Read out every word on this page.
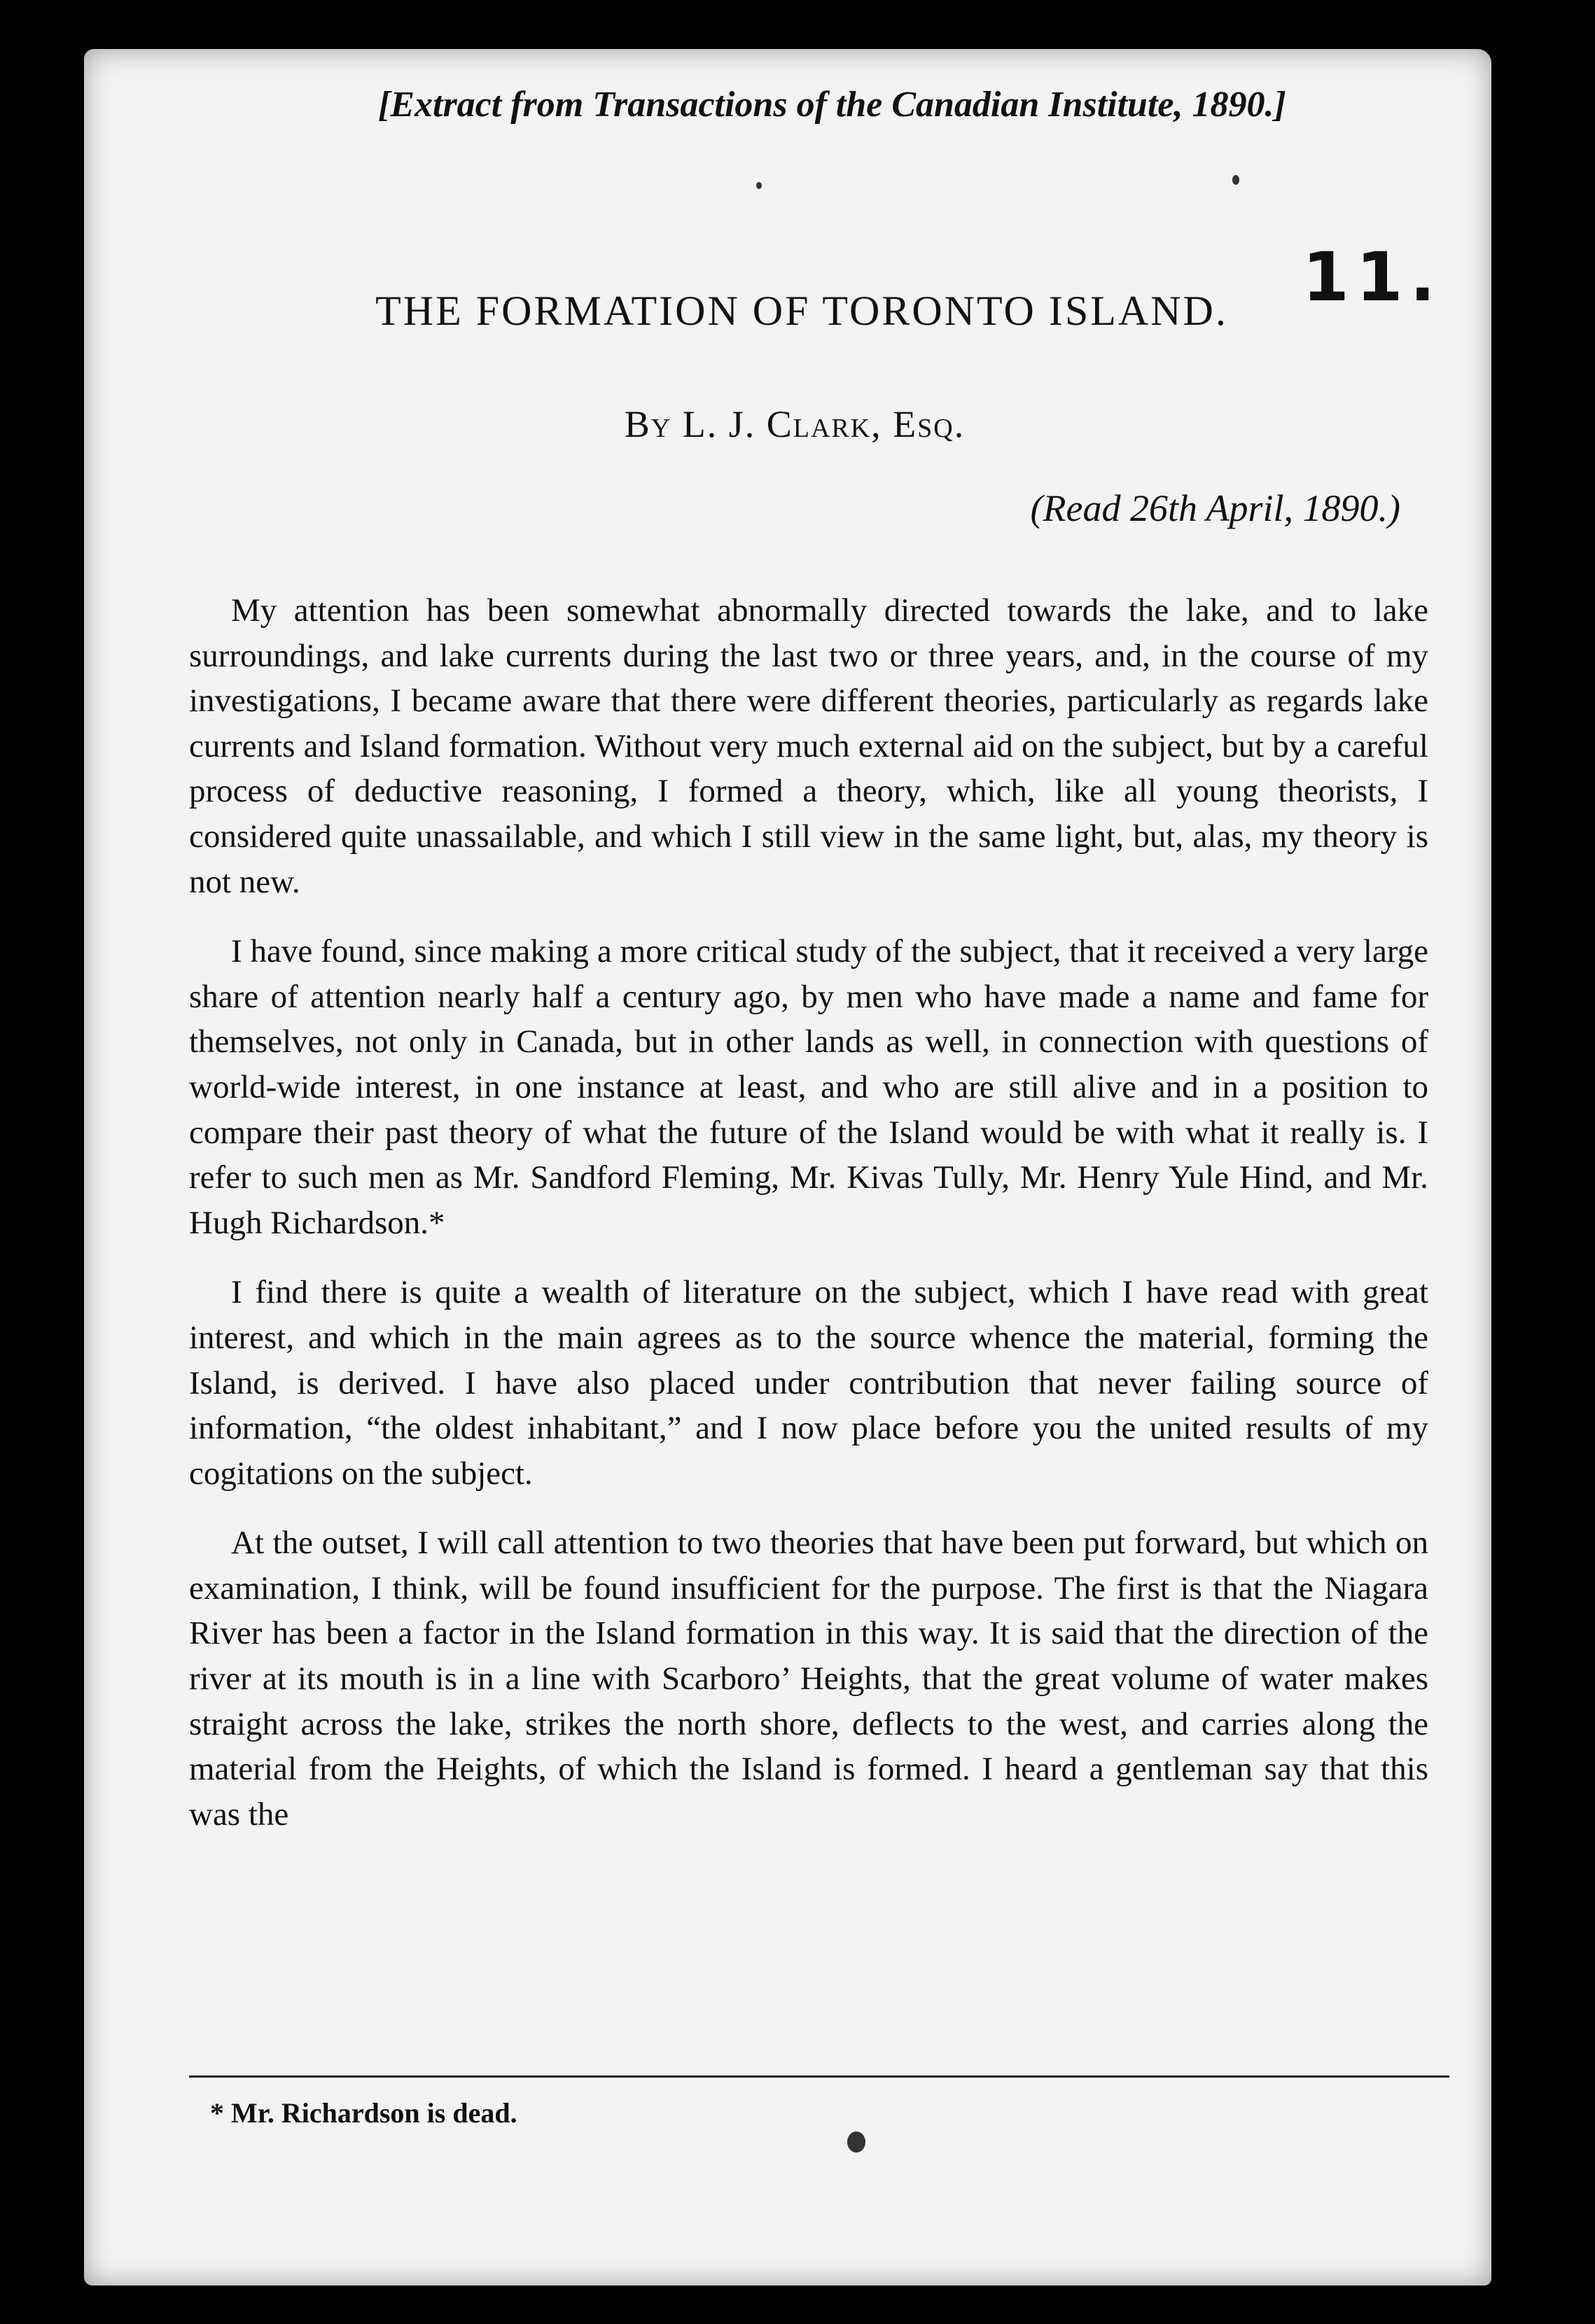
[Extract from Transactions of the Canadian Institute, 1890.]
11.
THE FORMATION OF TORONTO ISLAND.
By L. J. Clark, Esq.
(Read 26th April, 1890.)

My attention has been somewhat abnormally directed towards the lake, and to lake surroundings, and lake currents during the last two or three years, and, in the course of my investigations, I became aware that there were different theories, particularly as regards lake currents and Island formation. Without very much external aid on the subject, but by a careful process of deductive reasoning, I formed a theory, which, like all young theorists, I considered quite unassailable, and which I still view in the same light, but, alas, my theory is not new.

I have found, since making a more critical study of the subject, that it received a very large share of attention nearly half a century ago, by men who have made a name and fame for themselves, not only in Canada, but in other lands as well, in connection with questions of world-wide interest, in one instance at least, and who are still alive and in a position to compare their past theory of what the future of the Island would be with what it really is. I refer to such men as Mr. Sandford Fleming, Mr. Kivas Tully, Mr. Henry Yule Hind, and Mr. Hugh Richardson.*

I find there is quite a wealth of literature on the subject, which I have read with great interest, and which in the main agrees as to the source whence the material, forming the Island, is derived. I have also placed under contribution that never failing source of information, “the oldest inhabitant,” and I now place before you the united results of my cogitations on the subject.

At the outset, I will call attention to two theories that have been put forward, but which on examination, I think, will be found insufficient for the purpose. The first is that the Niagara River has been a factor in the Island formation in this way. It is said that the direction of the river at its mouth is in a line with Scarboro’ Heights, that the great volume of water makes straight across the lake, strikes the north shore, deflects to the west, and carries along the material from the Heights, of which the Island is formed. I heard a gentleman say that this was the

* Mr. Richardson is dead.
